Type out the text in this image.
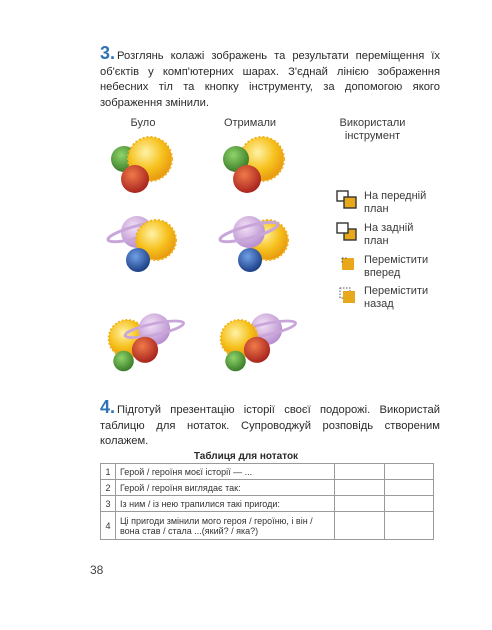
3. Розглянь колажі зображень та результати переміщення їх об'єктів у комп'ютерних шарах. З'єднай лінією зображення небесних тіл та кнопку інструменту, за допомогою якого зображення змінили.

Було	Отримали	Використали інструмент
На передній план
На задній план
Перемістити вперед
Перемістити назад

4. Підготуй презентацію історії своєї подорожі. Використай таблицю для нотаток. Супроводжуй розповідь створеним колажем.

Таблиця для нотаток
1	Герой / героїня моєї історії — ...		
2	Герой / героїня виглядає так:		
3	Із ним / із нею трапилися такі пригоди:		
4	Ці пригоди змінили мого героя / героїню, і він / вона став / стала ...(який? / яка?)		
38
